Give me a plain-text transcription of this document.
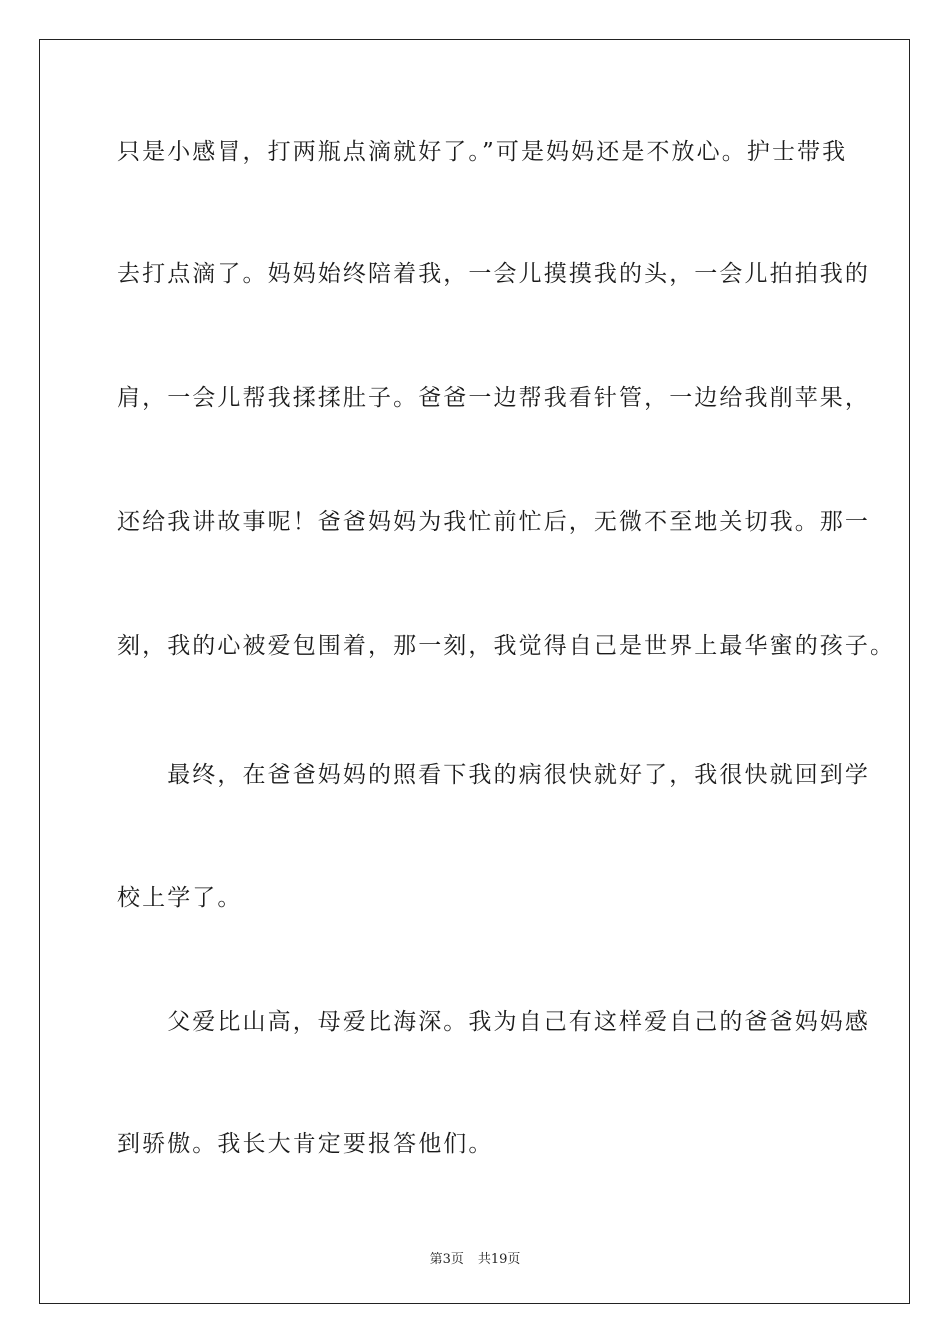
只是小感冒，打两瓶点滴就好了。”可是妈妈还是不放心。护士带我
去打点滴了。妈妈始终陪着我，一会儿摸摸我的头，一会儿拍拍我的
肩，一会儿帮我揉揉肚子。爸爸一边帮我看针管，一边给我削苹果，
还给我讲故事呢！爸爸妈妈为我忙前忙后，无微不至地关切我。那一
刻，我的心被爱包围着，那一刻，我觉得自己是世界上最华蜜的孩子。
　　最终，在爸爸妈妈的照看下我的病很快就好了，我很快就回到学
校上学了。
　　父爱比山高，母爱比海深。我为自己有这样爱自己的爸爸妈妈感
到骄傲。我长大肯定要报答他们。
第3页 共19页
